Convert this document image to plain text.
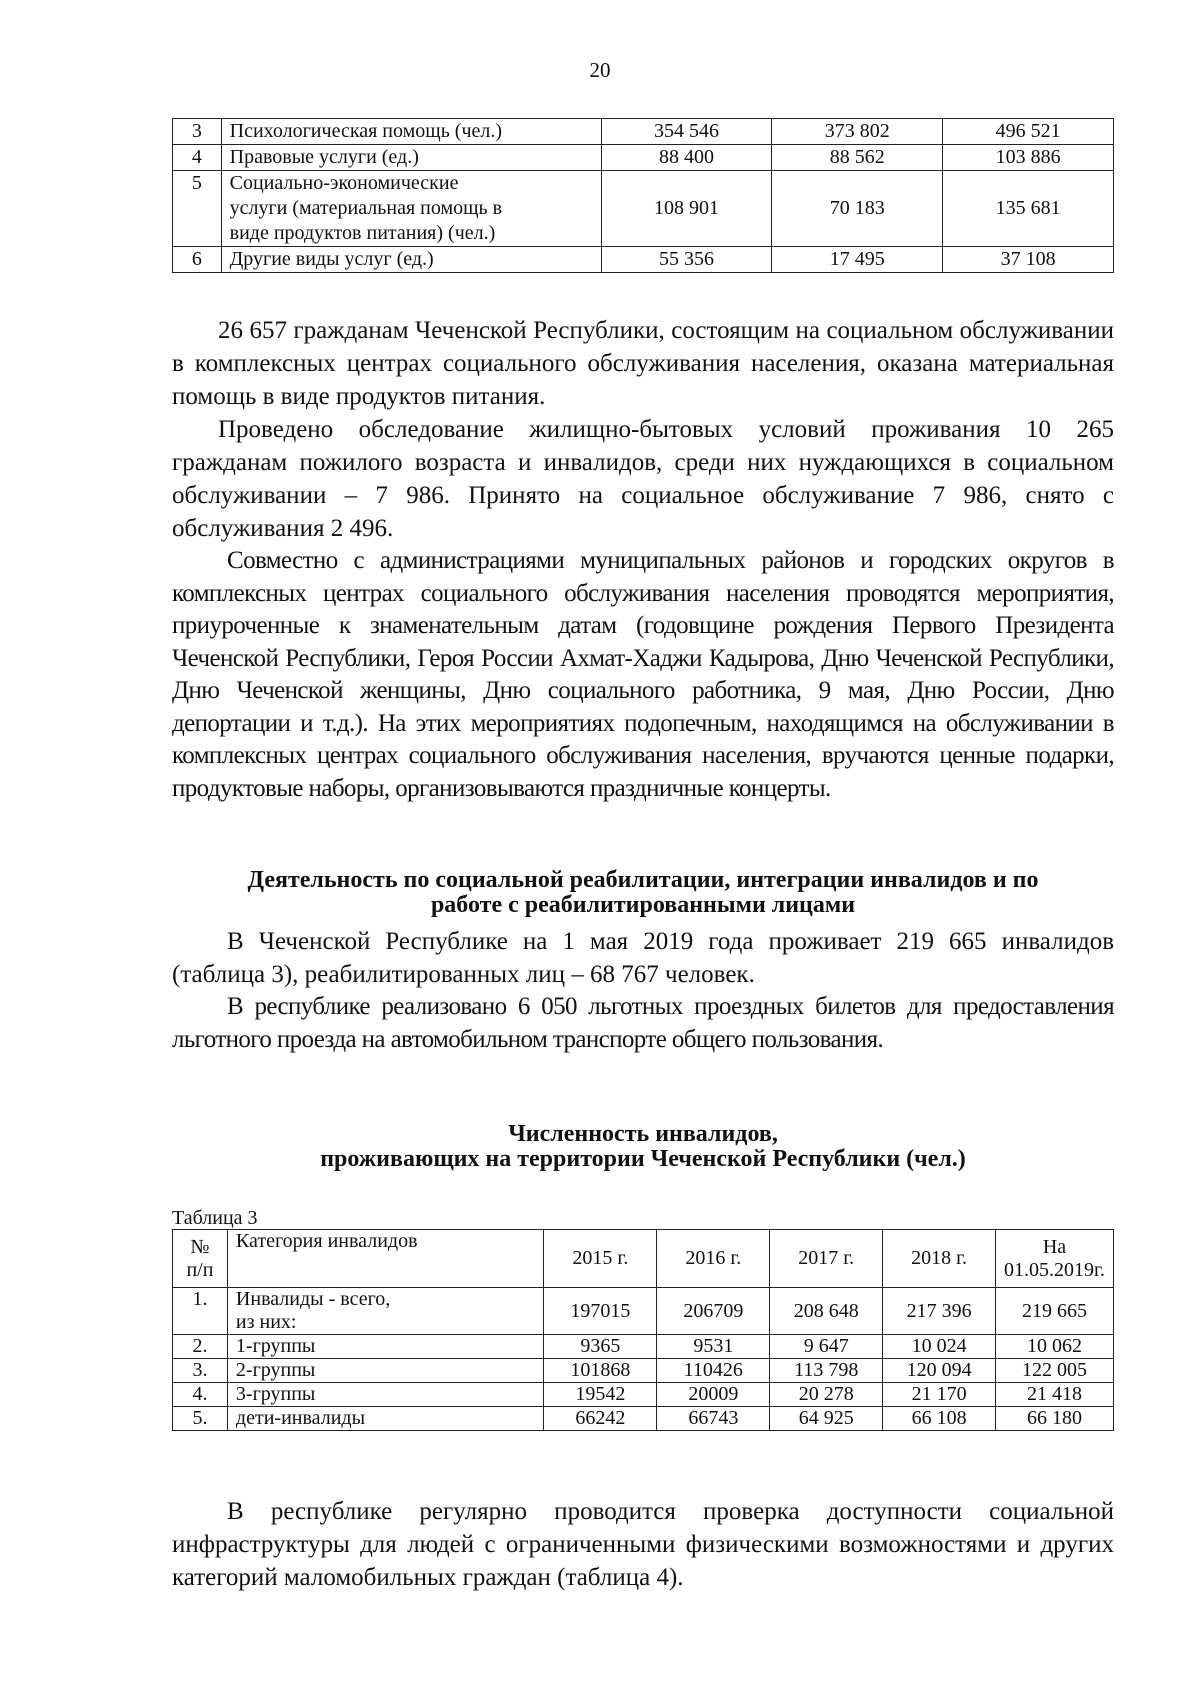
20
3	Психологическая помощь (чел.)	354 546	373 802	496 521
4	Правовые услуги (ед.)	88 400	88 562	103 886
5	Социально-экономические
услуги (материальная помощь в
виде продуктов питания) (чел.)	108 901	70 183	135 681
6	Другие виды услуг (ед.)	55 356	17 495	37 108

26 657 гражданам Чеченской Республики, состоящим на социальном обслуживании в комплексных центрах социального обслуживания населения, оказана материальная помощь в виде продуктов питания.

Проведено обследование жилищно-бытовых условий проживания 10 265 гражданам пожилого возраста и инвалидов, среди них нуждающихся в социальном обслуживании – 7 986. Принято на социальное обслуживание 7 986, снято с обслуживания 2 496.

Совместно с администрациями муниципальных районов и городских округов в комплексных центрах социального обслуживания населения проводятся мероприятия, приуроченные к знаменательным датам (годовщине рождения Первого Президента Чеченской Республики, Героя России Ахмат-Хаджи Кадырова, Дню Чеченской Республики, Дню Чеченской женщины, Дню социального работника, 9 мая, Дню России, Дню депортации и т.д.). На этих мероприятиях подопечным, находящимся на обслуживании в комплексных центрах социального обслуживания населения, вручаются ценные подарки, продуктовые наборы, организовываются праздничные концерты.

Деятельность по социальной реабилитации, интеграции инвалидов и по
работе с реабилитированными лицами

В Чеченской Республике на 1 мая 2019 года проживает 219 665 инвалидов (таблица 3), реабилитированных лиц – 68 767 человек.

В республике реализовано 6 050 льготных проездных билетов для предоставления льготного проезда на автомобильном транспорте общего пользования.

Численность инвалидов,
проживающих на территории Чеченской Республики (чел.)
Таблица 3
№
п/п	Категория инвалидов	2015 г.	2016 г.	2017 г.	2018 г.	На
01.05.2019г.
1.	Инвалиды - всего,
из них:	197015	206709	208 648	217 396	219 665
2.	1-группы	9365	9531	9 647	10 024	10 062
3.	2-группы	101868	110426	113 798	120 094	122 005
4.	3-группы	19542	20009	20 278	21 170	21 418
5.	дети-инвалиды	66242	66743	64 925	66 108	66 180

В республике регулярно проводится проверка доступности социальной инфраструктуры для людей с ограниченными физическими возможностями и других категорий маломобильных граждан (таблица 4).
